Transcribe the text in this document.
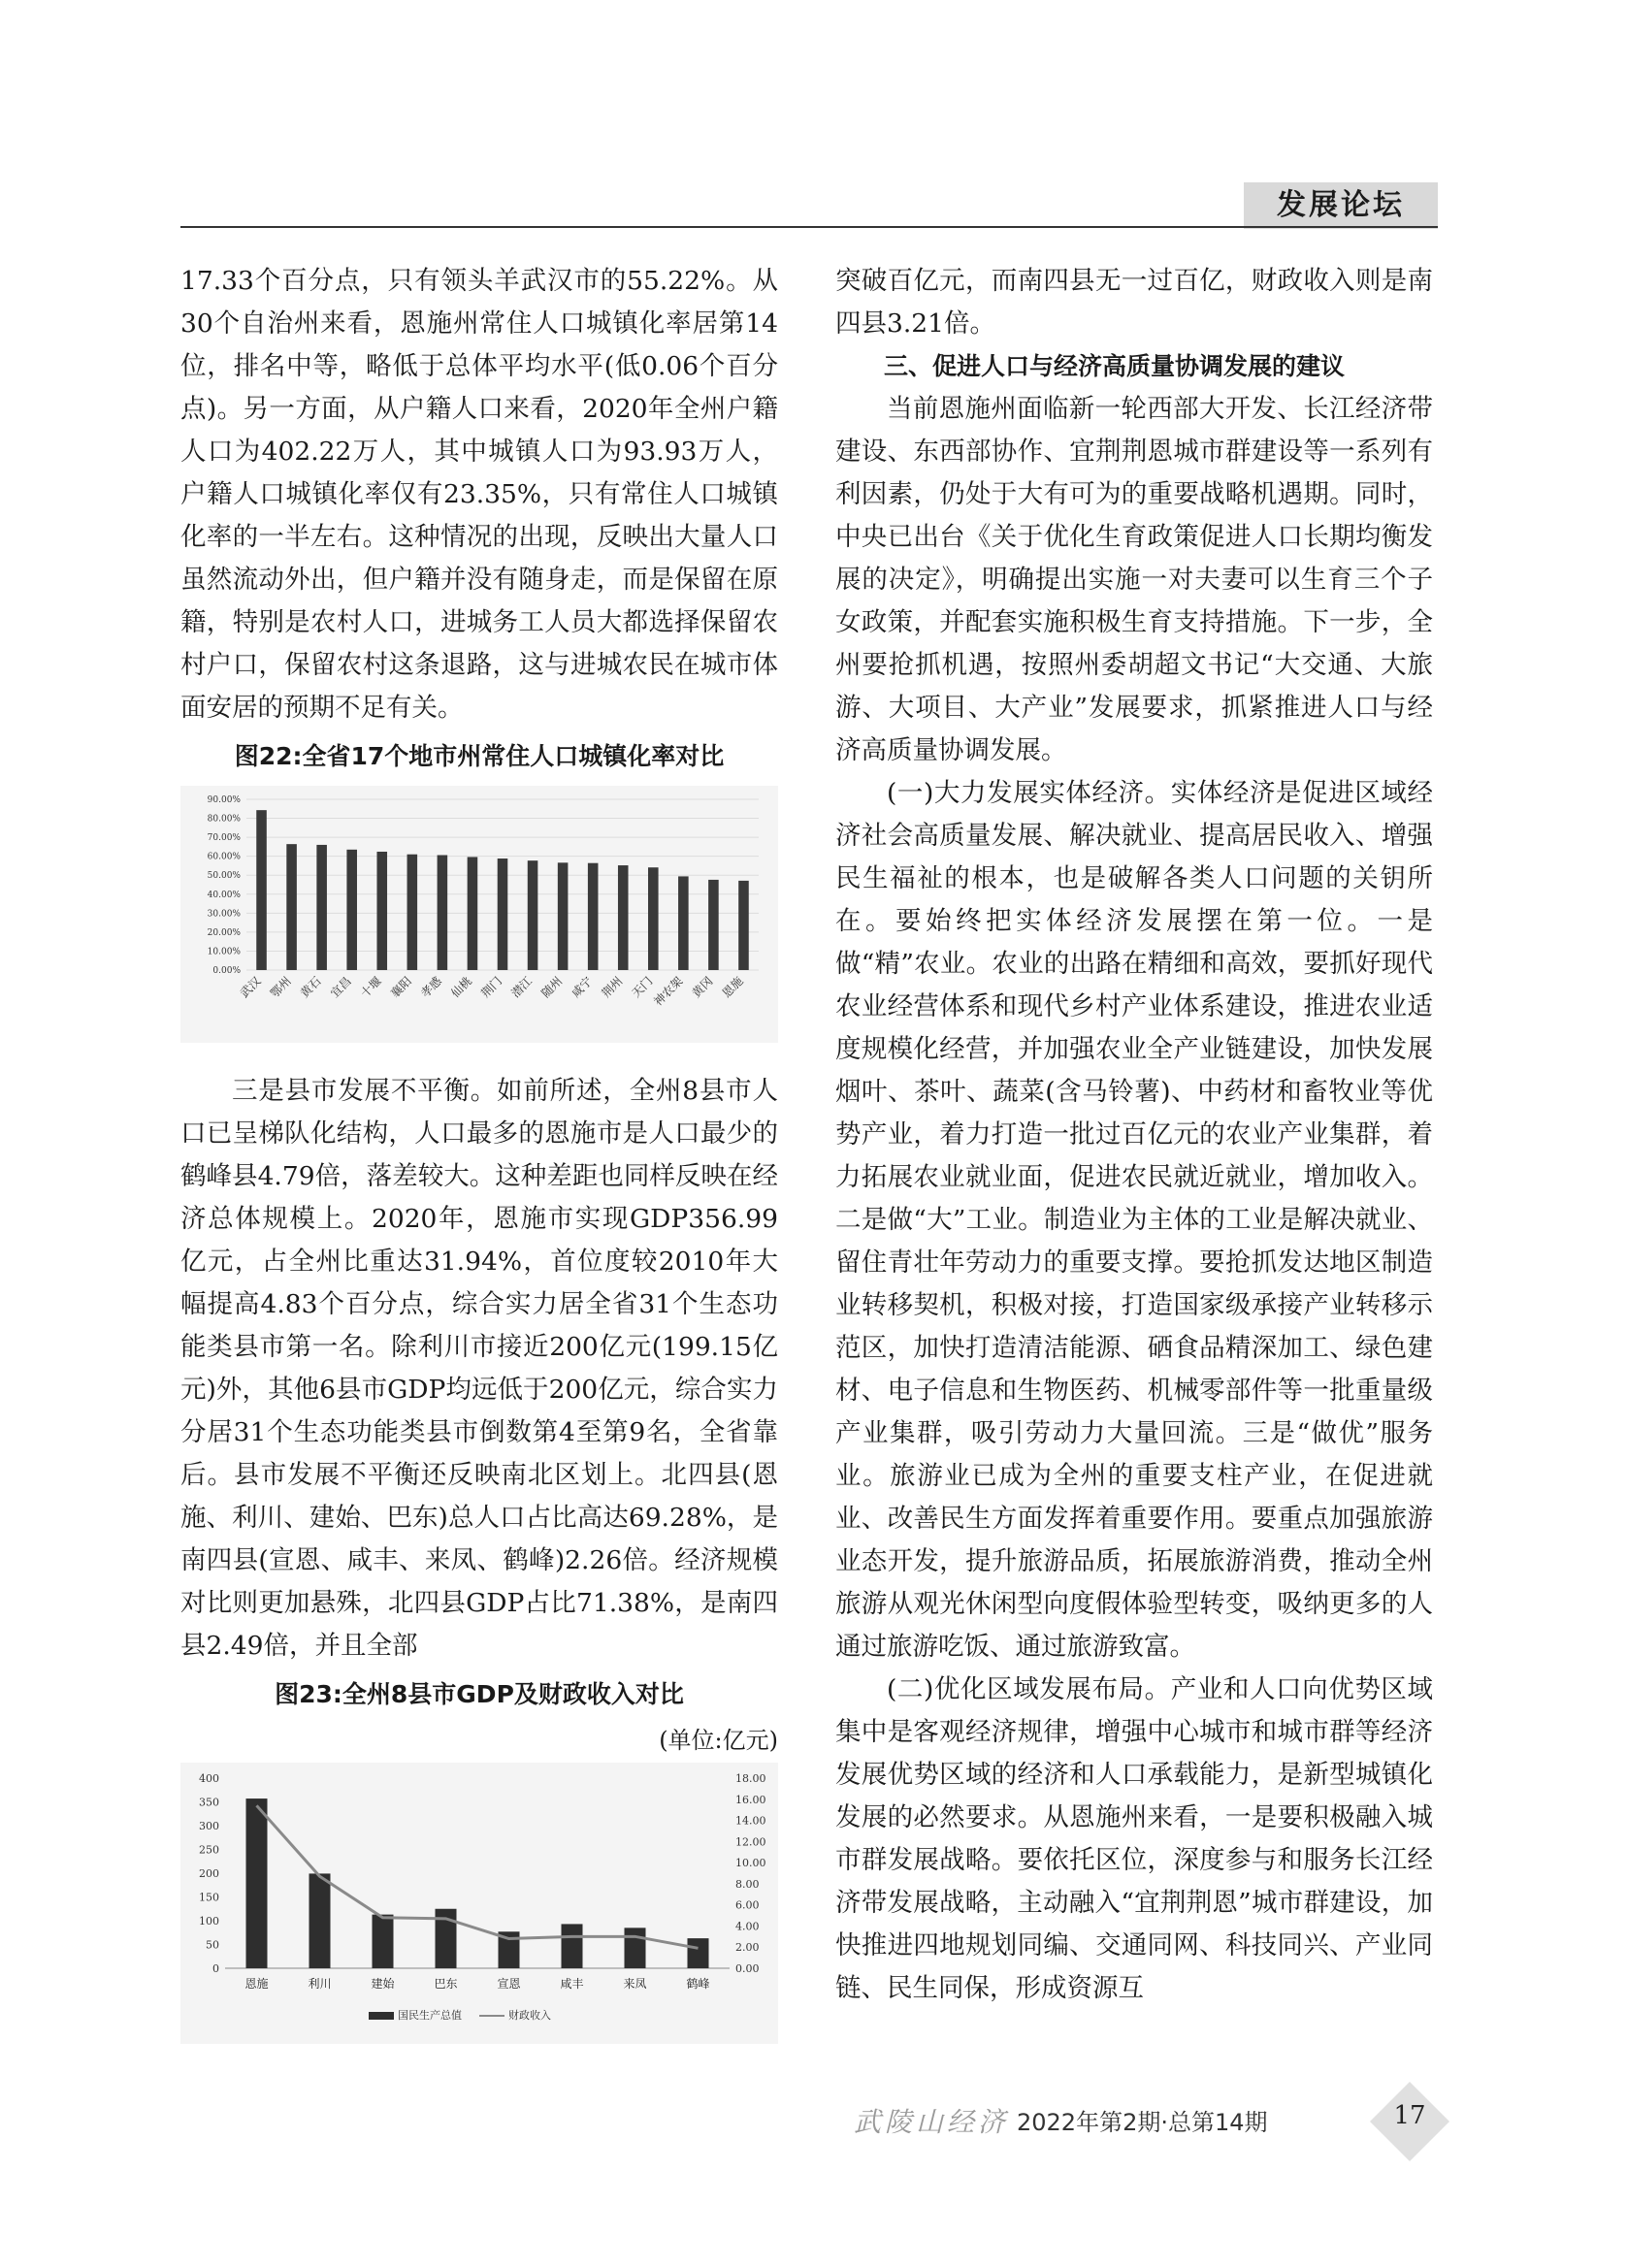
发展论坛

17.33个百分点，只有领头羊武汉市的55.22%。从30个自治州来看，恩施州常住人口城镇化率居第14位，排名中等，略低于总体平均水平(低0.06个百分点)。另一方面，从户籍人口来看，2020年全州户籍人口为402.22万人，其中城镇人口为93.93万人，户籍人口城镇化率仅有23.35%，只有常住人口城镇化率的一半左右。这种情况的出现，反映出大量人口虽然流动外出，但户籍并没有随身走，而是保留在原籍，特别是农村人口，进城务工人员大都选择保留农村户口，保留农村这条退路，这与进城农民在城市体面安居的预期不足有关。

图22:全省17个地市州常住人口城镇化率对比
90.00%
80.00%
70.00%
60.00%
50.00%
40.00%
30.00%
20.00%
10.00%
0.00%
武汉 鄂州 黄石 宜昌 十堰 襄阳 孝感 仙桃 荆门 潜江 随州 咸宁 荆州 天门
神农架 黄冈 恩施

三是县市发展不平衡。如前所述，全州8县市人口已呈梯队化结构，人口最多的恩施市是人口最少的鹤峰县4.79倍，落差较大。这种差距也同样反映在经济总体规模上。2020年，恩施市实现GDP356.99亿元，占全州比重达31.94%，首位度较2010年大幅提高4.83个百分点，综合实力居全省31个生态功能类县市第一名。除利川市接近200亿元(199.15亿元)外，其他6县市GDP均远低于200亿元，综合实力分居31个生态功能类县市倒数第4至第9名，全省靠后。县市发展不平衡还反映南北区划上。北四县(恩施、利川、建始、巴东)总人口占比高达69.28%，是南四县(宣恩、咸丰、来凤、鹤峰)2.26倍。经济规模对比则更加悬殊，北四县GDP占比71.38%，是南四县2.49倍，并且全部

图23:全州8县市GDP及财政收入对比

(单位:亿元)

400
350
300
250
200
150
100
50
0
18.00
16.00
14.00
12.00
10.00
8.00
6.00
4.00
2.00
0.00
恩施	利川	建始	巴东	宣恩	咸丰	来凤	鹤峰
国民生产总值	财政收入

突破百亿元，而南四县无一过百亿，财政收入则是南四县3.21倍。

三、促进人口与经济高质量协调发展的建议

当前恩施州面临新一轮西部大开发、长江经济带建设、东西部协作、宜荆荆恩城市群建设等一系列有利因素，仍处于大有可为的重要战略机遇期。同时，中央已出台《关于优化生育政策促进人口长期均衡发展的决定》，明确提出实施一对夫妻可以生育三个子女政策，并配套实施积极生育支持措施。下一步，全州要抢抓机遇，按照州委胡超文书记“大交通、大旅游、大项目、大产业”发展要求，抓紧推进人口与经济高质量协调发展。

(一)大力发展实体经济。实体经济是促进区域经济社会高质量发展、解决就业、提高居民收入、增强民生福祉的根本，也是破解各类人口问题的关钥所在。要始终把实体经济发展摆在第一位。一是做“精”农业。农业的出路在精细和高效，要抓好现代农业经营体系和现代乡村产业体系建设，推进农业适度规模化经营，并加强农业全产业链建设，加快发展烟叶、茶叶、蔬菜(含马铃薯)、中药材和畜牧业等优势产业，着力打造一批过百亿元的农业产业集群，着力拓展农业就业面，促进农民就近就业，增加收入。二是做“大”工业。制造业为主体的工业是解决就业、留住青壮年劳动力的重要支撑。要抢抓发达地区制造业转移契机，积极对接，打造国家级承接产业转移示范区，加快打造清洁能源、硒食品精深加工、绿色建材、电子信息和生物医药、机械零部件等一批重量级产业集群，吸引劳动力大量回流。三是“做优”服务业。旅游业已成为全州的重要支柱产业，在促进就业、改善民生方面发挥着重要作用。要重点加强旅游业态开发，提升旅游品质，拓展旅游消费，推动全州旅游从观光休闲型向度假体验型转变，吸纳更多的人通过旅游吃饭、通过旅游致富。

(二)优化区域发展布局。产业和人口向优势区域集中是客观经济规律，增强中心城市和城市群等经济发展优势区域的经济和人口承载能力，是新型城镇化发展的必然要求。从恩施州来看，一是要积极融入城市群发展战略。要依托区位，深度参与和服务长江经济带发展战略，主动融入“宜荆荆恩”城市群建设，加快推进四地规划同编、交通同网、科技同兴、产业同链、民生同保，形成资源互

武陵山经济 2022年第2期·总第14期	17
